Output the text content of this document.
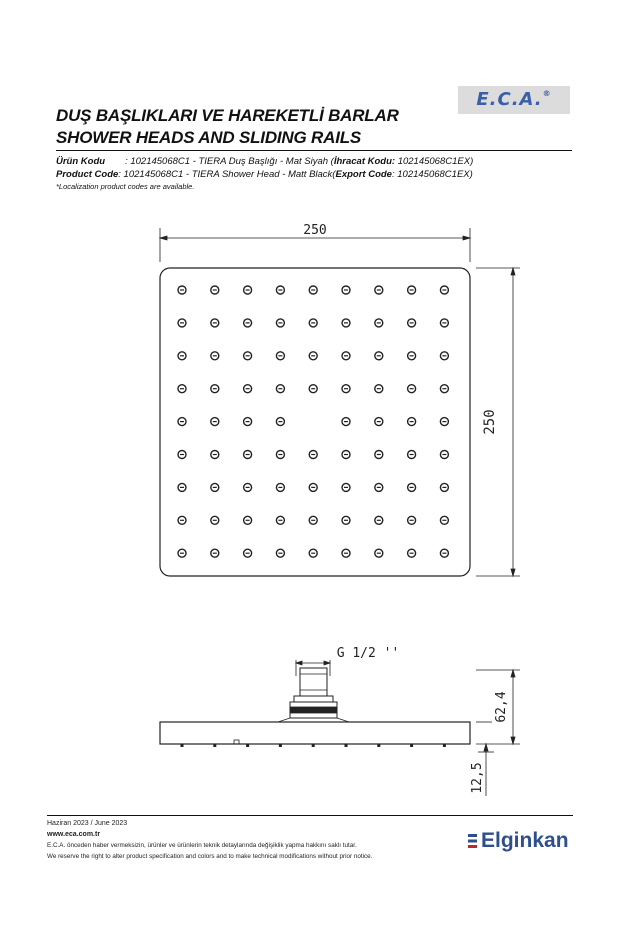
DUŞ BAŞLIKLARI VE HAREKETLİ BARLAR
SHOWER HEADS AND SLIDING RAILS
E.C.A.®
Ürün Kodu : 102145068C1 - TIERA Duş Başlığı - Mat Siyah (İhracat Kodu: 102145068C1EX)
Product Code: 102145068C1 - TIERA Shower Head - Matt Black(Export Code: 102145068C1EX)
*Localization product codes are available.
250
250
G 1/2 ''
62,4
12,5
Haziran 2023 / June 2023
www.eca.com.tr
E.C.A. önceden haber vermeksizin, ürünler ve ürünlerin teknik detaylarında değişiklik yapma hakkını saklı tutar.
We reserve the right to alter product specification and colors and to make technical modifications without prior notice.
Elginkan
